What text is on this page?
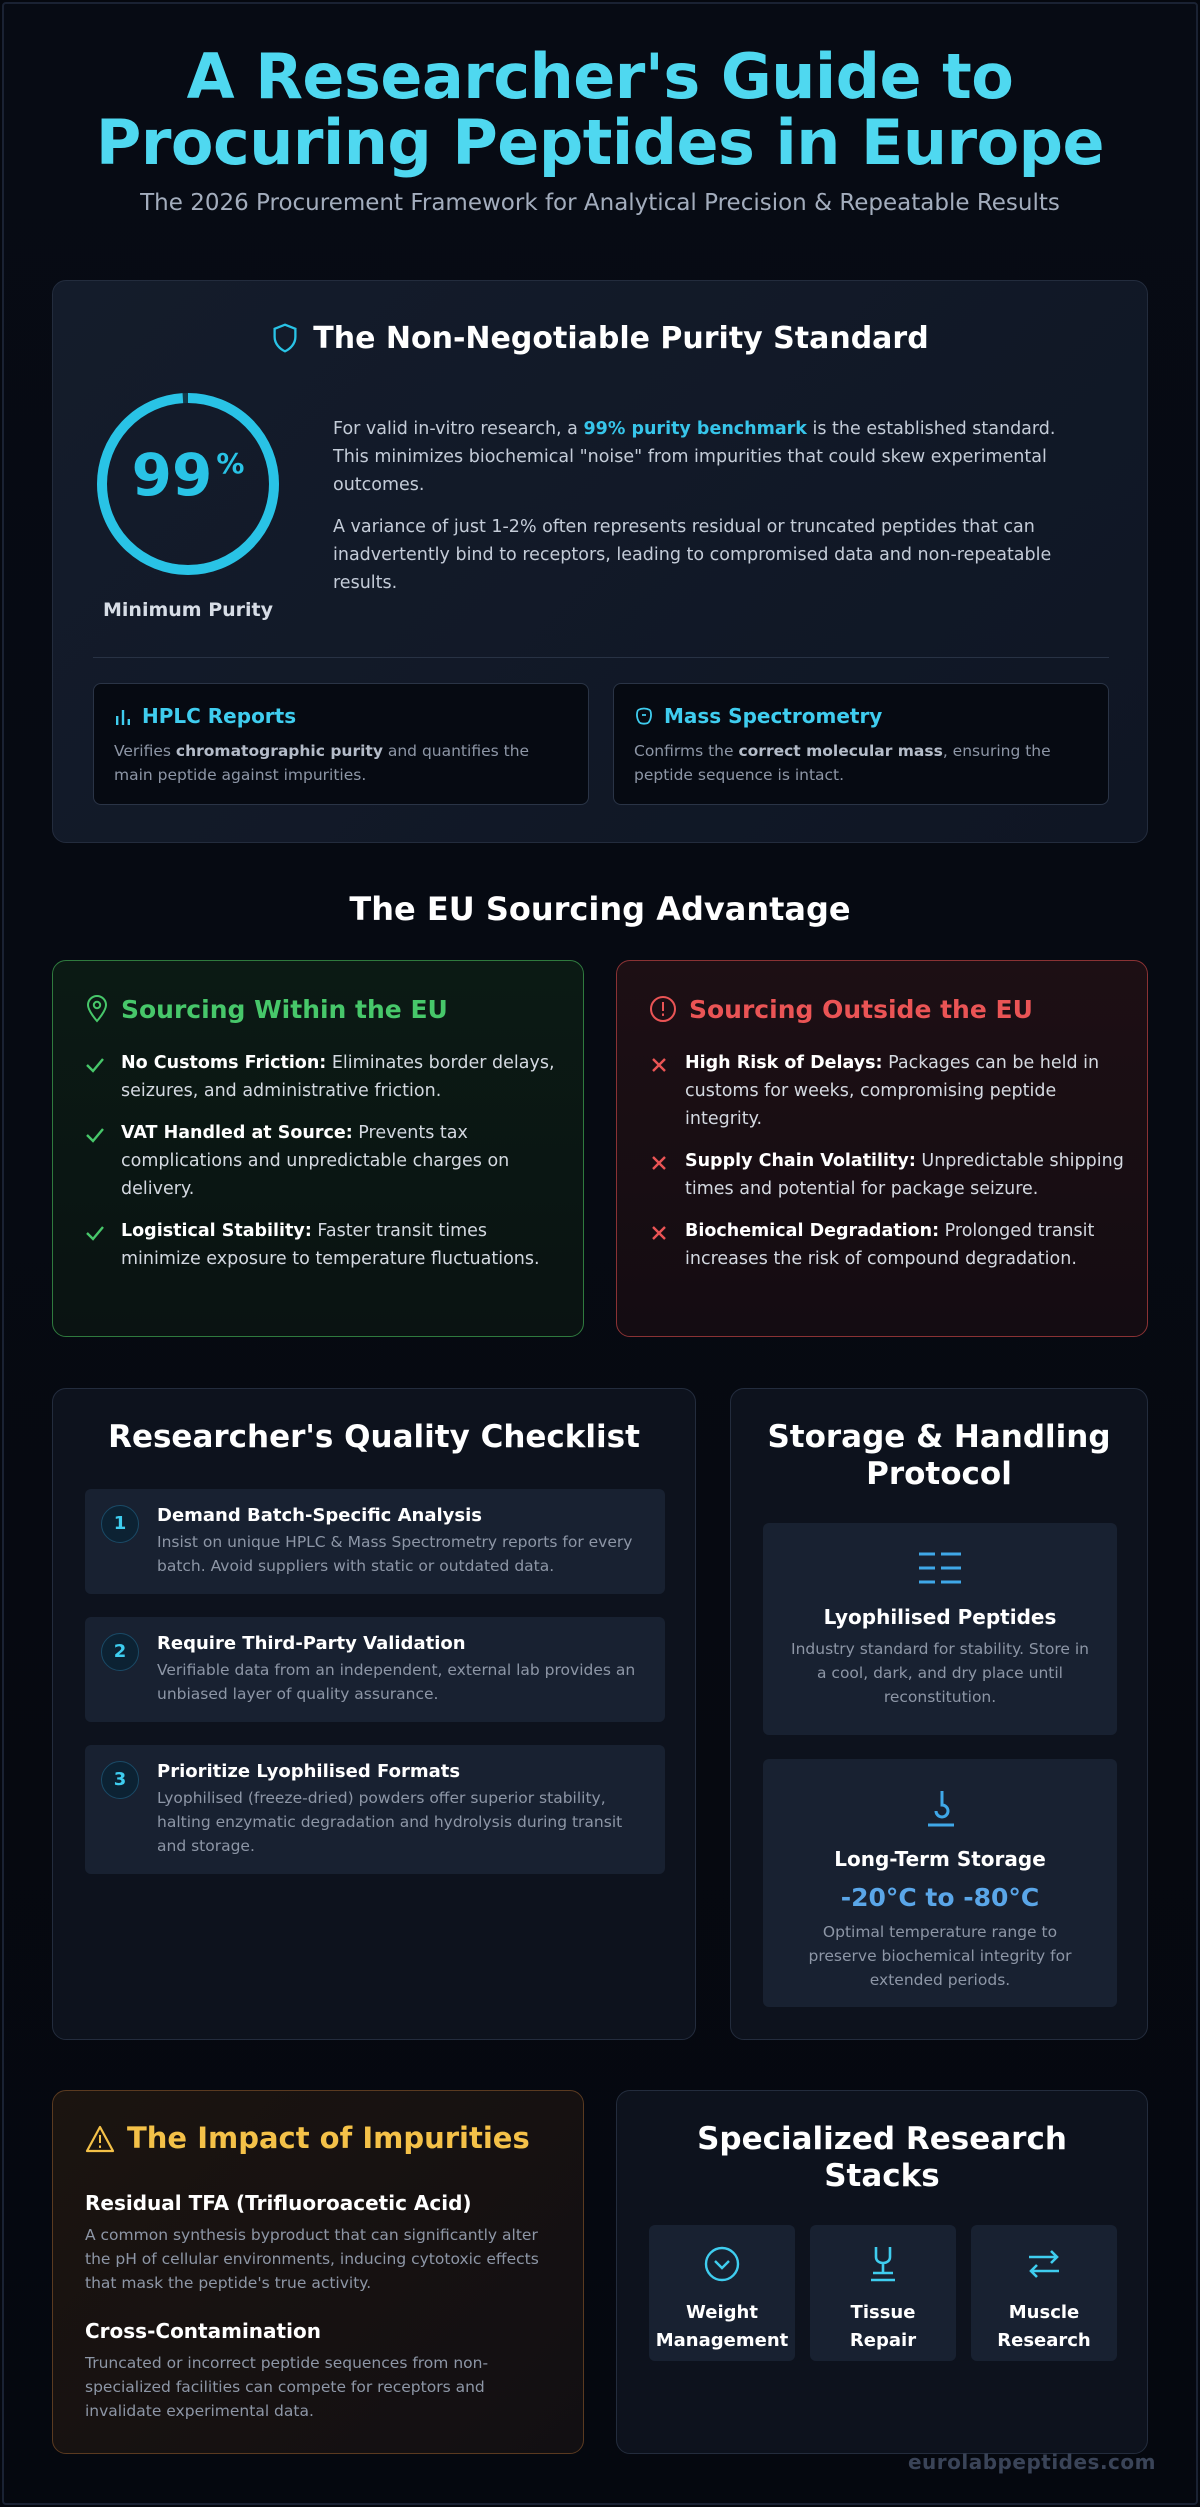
A Researcher's Guide to
Procuring Peptides in Europe
The 2026 Procurement Framework for Analytical Precision & Repeatable Results
The Non-Negotiable Purity Standard
99 %
Minimum Purity

For valid in-vitro research, a 99% purity benchmark is the established standard. This minimizes biochemical "noise" from impurities that could skew experimental outcomes.

A variance of just 1-2% often represents residual or truncated peptides that can inadvertently bind to receptors, leading to compromised data and non-repeatable results.

HPLC Reports
Verifies chromatographic purity and quantifies the main peptide against impurities.
Mass Spectrometry
Confirms the correct molecular mass, ensuring the peptide sequence is intact.
The EU Sourcing Advantage
Sourcing Within the EU
No Customs Friction: Eliminates border delays, seizures, and administrative friction.
VAT Handled at Source: Prevents tax complications and unpredictable charges on delivery.
Logistical Stability: Faster transit times minimize exposure to temperature fluctuations.
Sourcing Outside the EU
High Risk of Delays: Packages can be held in customs for weeks, compromising peptide integrity.
Supply Chain Volatility: Unpredictable shipping times and potential for package seizure.
Biochemical Degradation: Prolonged transit increases the risk of compound degradation.
Researcher's Quality Checklist
1	Demand Batch-Specific Analysis
Insist on unique HPLC & Mass Spectrometry reports for every batch. Avoid suppliers with static or outdated data.
2	Require Third-Party Validation
Verifiable data from an independent, external lab provides an unbiased layer of quality assurance.
3	Prioritize Lyophilised Formats
Lyophilised (freeze-dried) powders offer superior stability, halting enzymatic degradation and hydrolysis during transit and storage.
Storage & Handling
Protocol
Lyophilised Peptides
Industry standard for stability. Store in a cool, dark, and dry place until reconstitution.
Long-Term Storage
-20°C to -80°C
Optimal temperature range to preserve biochemical integrity for extended periods.
The Impact of Impurities
Residual TFA (Trifluoroacetic Acid)
A common synthesis byproduct that can significantly alter the pH of cellular environments, inducing cytotoxic effects that mask the peptide's true activity.
Cross-Contamination
Truncated or incorrect peptide sequences from non-specialized facilities can compete for receptors and invalidate experimental data.
Specialized Research
Stacks
Weight
Management
Tissue
Repair
Muscle
Research
eurolabpeptides.com
